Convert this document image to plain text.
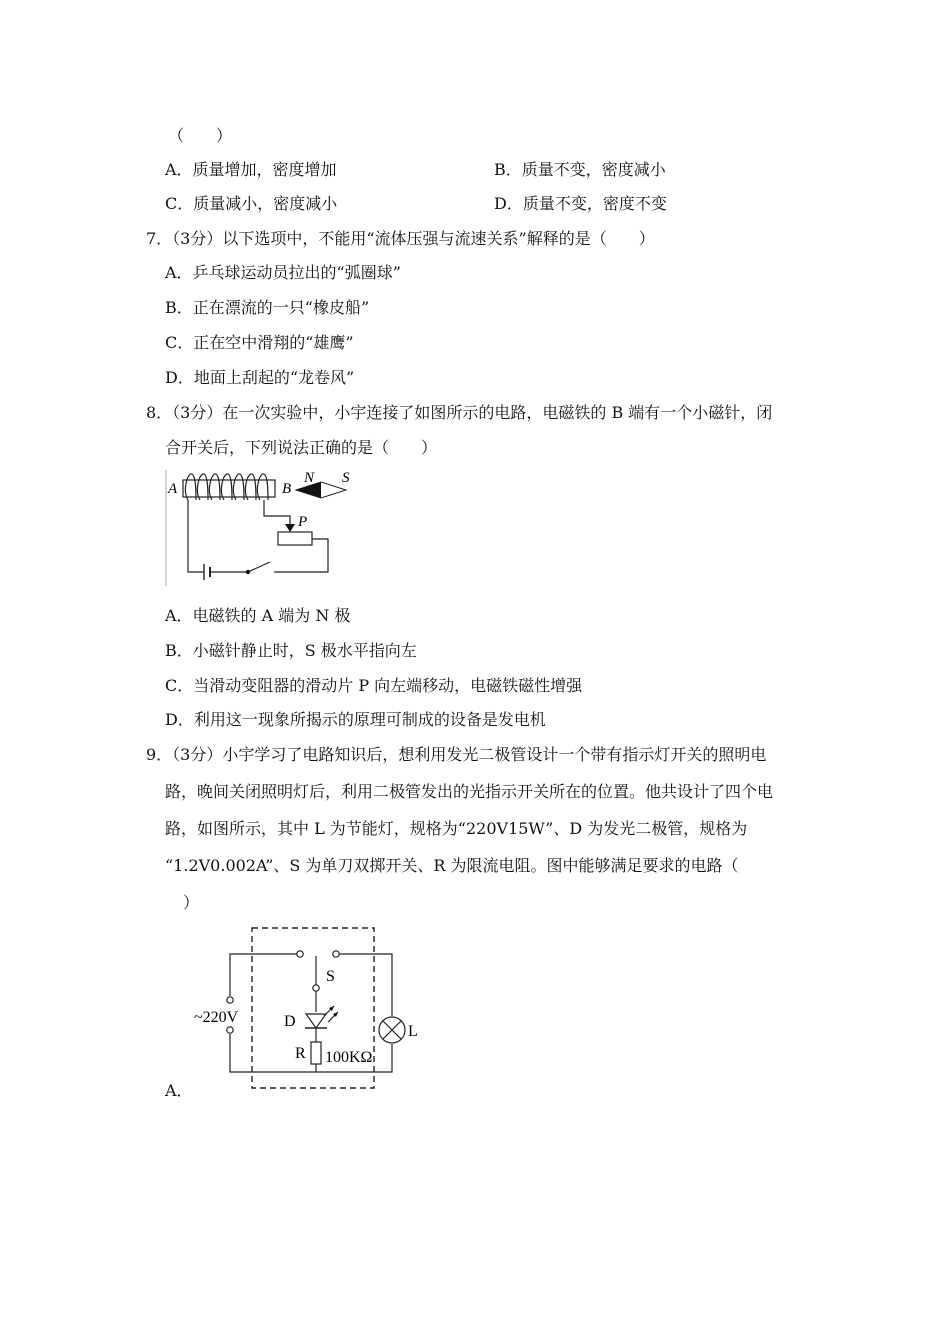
（　　）
A．质量增加，密度增加	B．质量不变，密度减小
C．质量减小，密度减小	D．质量不变，密度不变
7．（3分）以下选项中，不能用“流体压强与流速关系”解释的是（　　）
A．乒乓球运动员拉出的“弧圈球”
B．正在漂流的一只“橡皮船”
C．正在空中滑翔的“雄鹰”
D．地面上刮起的“龙卷风”
8．（3分）在一次实验中，小宇连接了如图所示的电路，电磁铁的 B 端有一个小磁针，闭
合开关后，下列说法正确的是（　　）
A	B
N S
P
A．电磁铁的 A 端为 N 极
B．小磁针静止时，S 极水平指向左
C．当滑动变阻器的滑动片 P 向左端移动，电磁铁磁性增强
D．利用这一现象所揭示的原理可制成的设备是发电机
9．（3分）小宇学习了电路知识后，想利用发光二极管设计一个带有指示灯开关的照明电
路，晚间关闭照明灯后，利用二极管发出的光指示开关所在的位置。他共设计了四个电
路，如图所示，其中 L 为节能灯，规格为“220V15W”、D 为发光二极管，规格为
“1.2V0.002A”、S 为单刀双掷开关、R 为限流电阻。图中能够满足要求的电路（
）
~220V
S
D
R 100KΩ
L
A．
